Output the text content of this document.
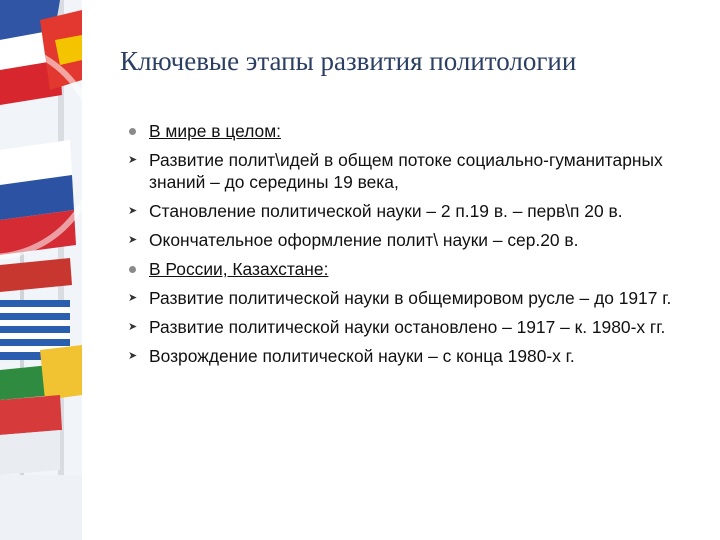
Ключевые этапы развития политологии
В мире в целом:
➤ Развитие полит\идей в общем потоке социально-гуманитарных знаний – до середины 19 века,
➤ Становление политической науки – 2 п.19 в. – перв\п 20 в.
➤ Окончательное оформление полит\ науки – сер.20 в.
В России, Казахстане:
➤ Развитие политической науки в общемировом русле – до 1917 г.
➤ Развитие политической науки остановлено – 1917 – к. 1980-х гг.
➤ Возрождение политической науки – с конца 1980-х г.
